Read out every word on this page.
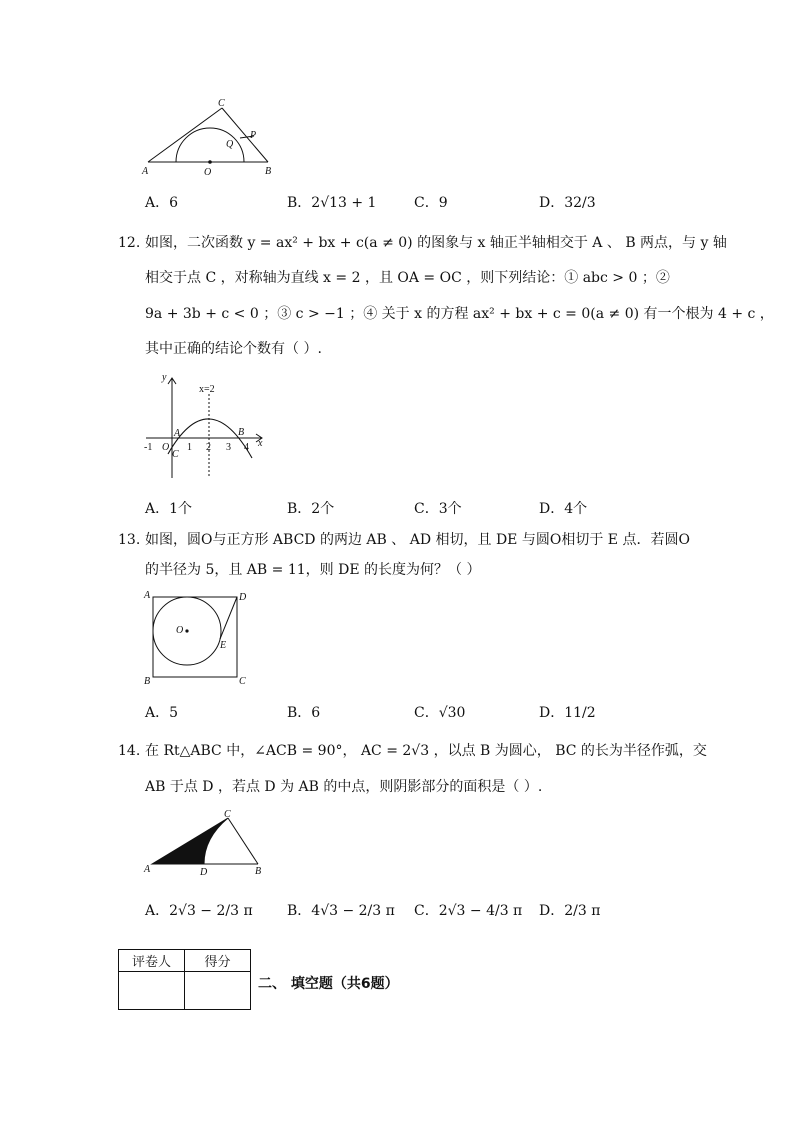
C
P
Q
A	O	B
A．6	B．2√13 + 1	C．9	D．32/3
12. 如图，二次函数 y = ax² + bx + c(a ≠ 0) 的图象与 x 轴正半轴相交于 A 、 B 两点，与 y 轴
相交于点 C ，对称轴为直线 x = 2 ，且 OA = OC ，则下列结论：① abc > 0 ；②
9a + 3b + c < 0 ；③ c > −1 ；④ 关于 x 的方程 ax² + bx + c = 0(a ≠ 0) 有一个根为 4 + c ，
其中正确的结论个数有（ ）.
y
x=2
x
A	B
-1 O
C
1 2 3 4
A．1个	B．2个	C．3个	D．4个
13. 如图，圆O与正方形 ABCD 的两边 AB 、 AD 相切，且 DE 与圆O相切于 E 点．若圆O
的半径为 5，且 AB = 11，则 DE 的长度为何？（ ）
A	D
O
E
B	C
A．5	B．6	C．√30	D．11/2
14. 在 Rt△ABC 中，∠ACB = 90°， AC = 2√3 ，以点 B 为圆心， BC 的长为半径作弧，交
AB 于点 D ，若点 D 为 AB 的中点，则阴影部分的面积是（ ）.
C
A	D	B
A．2√3 − 2/3 π B．4√3 − 2/3 π C．2√3 − 4/3 π D．2/3 π
评卷人	得分

二、 填空题（共6题）
